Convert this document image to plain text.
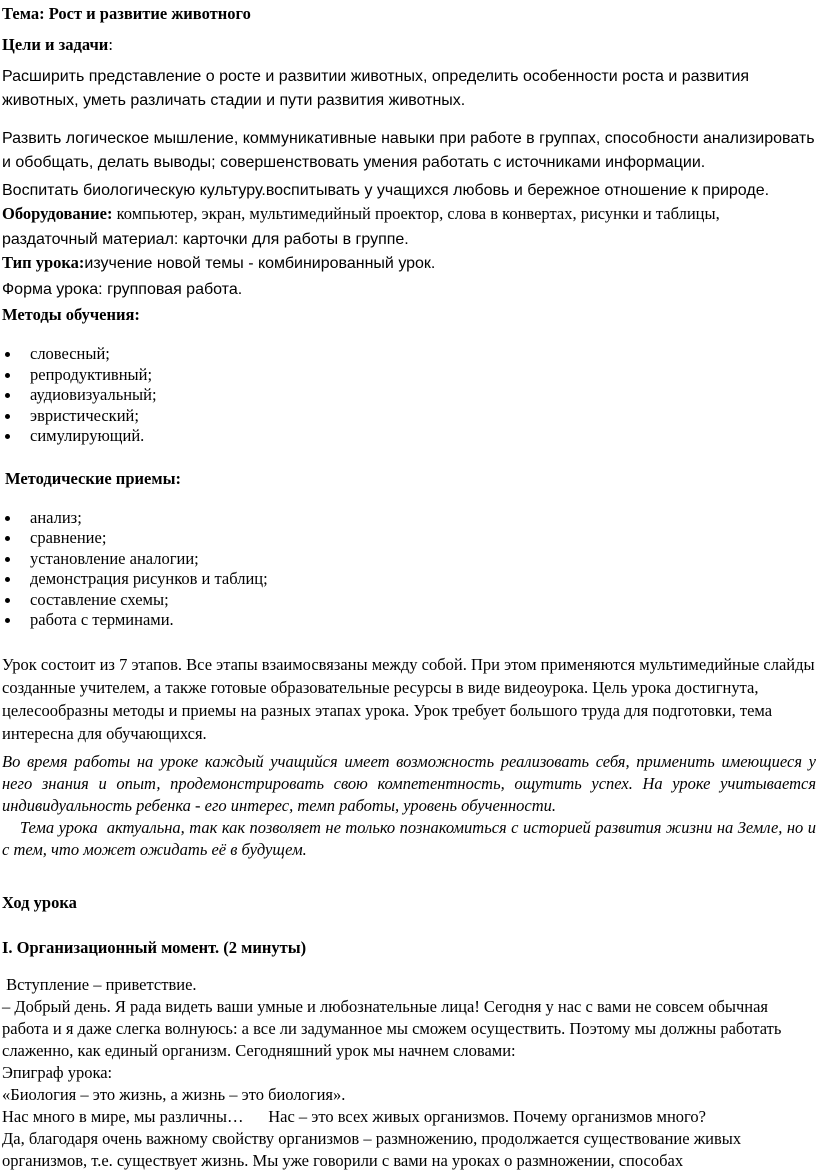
Тема: Рост и развитие животного

Цели и задачи:

Расширить представление о росте и развитии животных, определить особенности роста и развития животных, уметь различать стадии и пути развития животных.

Развить логическое мышление, коммуникативные навыки при работе в группах, способности анализировать и обобщать, делать выводы; совершенствовать умения работать с источниками информации.

Воспитать биологическую культуру.воспитывать у учащихся любовь и бережное отношение к природе.

Оборудование: компьютер, экран, мультимедийный проектор, слова в конвертах, рисунки и таблицы,

раздаточный материал: карточки для работы в группе.

Тип урока:изучение новой темы - комбинированный урок.

Форма урока: групповая работа.

Методы обучения:

словесный;
репродуктивный;
аудиовизуальный;
эвристический;
симулирующий.

Методические приемы:

анализ;
сравнение;
установление аналогии;
демонстрация рисунков и таблиц;
составление схемы;
работа с терминами.

Урок состоит из 7 этапов. Все этапы взаимосвязаны между собой. При этом применяются мультимедийные слайды созданные учителем, а также готовые образовательные ресурсы в виде видеоурока. Цель урока достигнута, целесообразны методы и приемы на разных этапах урока. Урок требует большого труда для подготовки, тема интересна для обучающихся.

Во время работы на уроке каждый учащийся имеет возможность реализовать себя, применить имеющиеся у него знания и опыт, продемонстрировать свою компетентность, ощутить успех. На уроке учитывается индивидуальность ребенка - его интерес, темп работы, уровень обученности.

Тема урока  актуальна, так как позволяет не только познакомиться с историей развития жизни на Земле, но и с тем, что может ожидать её в будущем.

Ход урока

I. Организационный момент. (2 минуты)

Вступление – приветствие.

– Добрый день. Я рада видеть ваши умные и любознательные лица! Сегодня у нас с вами не совсем обычная работа и я даже слегка волнуюсь: а все ли задуманное мы сможем осуществить. Поэтому мы должны работать слаженно, как единый организм. Сегодняшний урок мы начнем словами:

Эпиграф урока:

«Биология – это жизнь, а жизнь – это биология».

Нас много в мире, мы различны…      Нас – это всех живых организмов. Почему организмов много?

Да, благодаря очень важному свойству организмов – размножению, продолжается существование живых организмов, т.е. существует жизнь. Мы уже говорили с вами на уроках о размножении, способах
